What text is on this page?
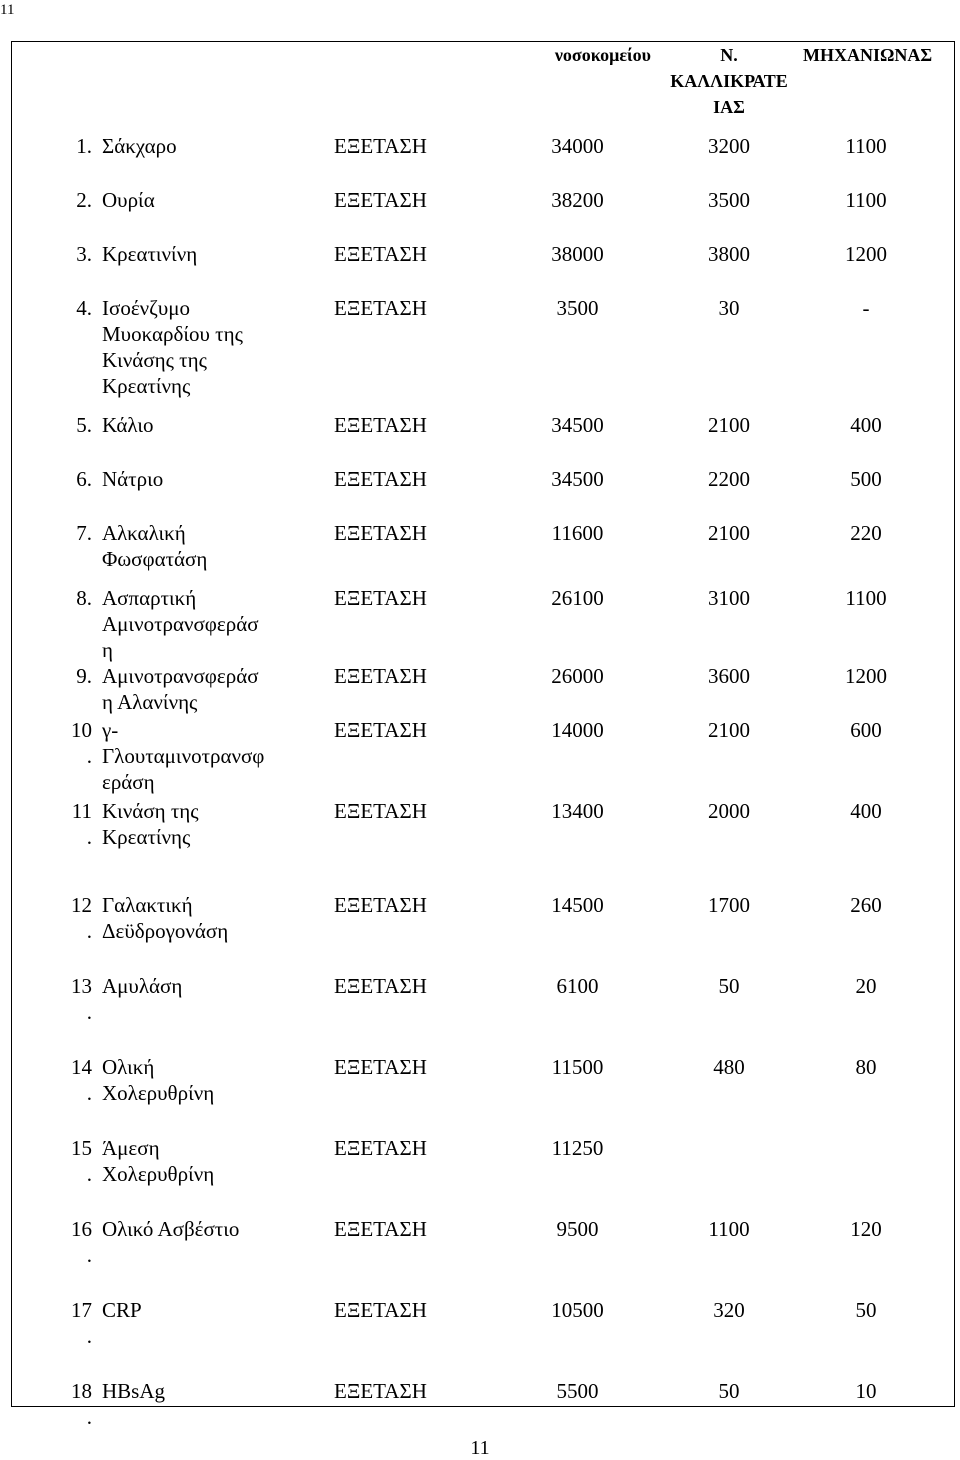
11
			νοσοκομείου	Ν.
ΚΑΛΛΙΚΡΑΤΕ
ΙΑΣ	ΜΗΧΑΝΙΩΝΑΣ

1.	Σάκχαρο	ΕΞΕΤΑΣΗ	34000	3200	1100

2.	Ουρία	ΕΞΕΤΑΣΗ	38200	3500	1100

3.	Κρεατινίνη	ΕΞΕΤΑΣΗ	38000	3800	1200

4.	Ισοένζυμο
Μυοκαρδίου της
Κινάσης της
Κρεατίνης	ΕΞΕΤΑΣΗ	3500	30	-

5.	Κάλιο	ΕΞΕΤΑΣΗ	34500	2100	400

6.	Νάτριο	ΕΞΕΤΑΣΗ	34500	2200	500

7.	Αλκαλική
Φωσφατάση	ΕΞΕΤΑΣΗ	11600	2100	220

8.	Ασπαρτική
Αμινοτρανσφεράσ
η	ΕΞΕΤΑΣΗ	26100	3100	1100

9.	Αμινοτρανσφεράσ
η Αλανίνης	ΕΞΕΤΑΣΗ	26000	3600	1200

10
.	γ-
Γλουταμινοτρανσφ
εράση	ΕΞΕΤΑΣΗ	14000	2100	600

11
.	Κινάση της
Κρεατίνης	ΕΞΕΤΑΣΗ	13400	2000	400

12
.	Γαλακτική
Δεϋδρογονάση	ΕΞΕΤΑΣΗ	14500	1700	260

13
.	Αμυλάση	ΕΞΕΤΑΣΗ	6100	50	20

14
.	Ολική
Χολερυθρίνη	ΕΞΕΤΑΣΗ	11500	480	80

15
.	Άμεση
Χολερυθρίνη	ΕΞΕΤΑΣΗ	11250		

16
.	Ολικό Ασβέστιο	ΕΞΕΤΑΣΗ	9500	1100	120

17
.	CRP	ΕΞΕΤΑΣΗ	10500	320	50

18
.	HBsAg	ΕΞΕΤΑΣΗ	5500	50	10
11
